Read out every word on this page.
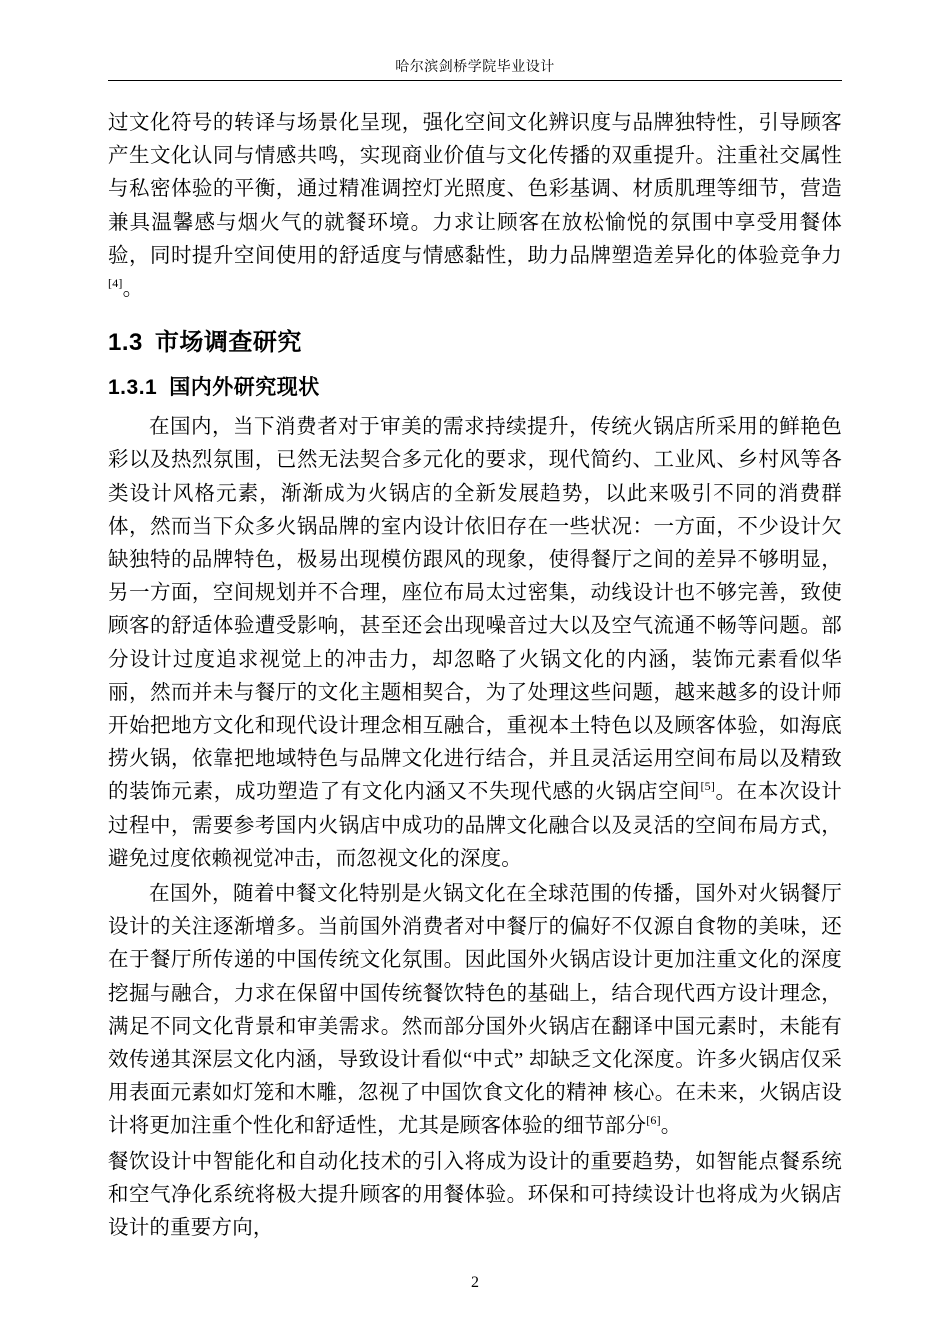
哈尔滨剑桥学院毕业设计

过文化符号的转译与场景化呈现，强化空间文化辨识度与品牌独特性，引导顾客产生文化认同与情感共鸣，实现商业价值与文化传播的双重提升。注重社交属性与私密体验的平衡，通过精准调控灯光照度、色彩基调、材质肌理等细节，营造兼具温馨感与烟火气的就餐环境。力求让顾客在放松愉悦的氛围中享受用餐体验，同时提升空间使用的舒适度与情感黏性，助力品牌塑造差异化的体验竞争力[4]。

1.3 市场调查研究
1.3.1 国内外研究现状

在国内，当下消费者对于审美的需求持续提升，传统火锅店所采用的鲜艳色彩以及热烈氛围，已然无法契合多元化的要求，现代简约、工业风、乡村风等各类设计风格元素，渐渐成为火锅店的全新发展趋势，以此来吸引不同的消费群体，然而当下众多火锅品牌的室内设计依旧存在一些状况：一方面，不少设计欠缺独特的品牌特色，极易出现模仿跟风的现象，使得餐厅之间的差异不够明显，另一方面，空间规划并不合理，座位布局太过密集，动线设计也不够完善，致使顾客的舒适体验遭受影响，甚至还会出现噪音过大以及空气流通不畅等问题。部分设计过度追求视觉上的冲击力，却忽略了火锅文化的内涵，装饰元素看似华丽，然而并未与餐厅的文化主题相契合，为了处理这些问题，越来越多的设计师开始把地方文化和现代设计理念相互融合，重视本土特色以及顾客体验，如海底捞火锅，依靠把地域特色与品牌文化进行结合，并且灵活运用空间布局以及精致的装饰元素，成功塑造了有文化内涵又不失现代感的火锅店空间[5]。在本次设计过程中，需要参考国内火锅店中成功的品牌文化融合以及灵活的空间布局方式，避免过度依赖视觉冲击，而忽视文化的深度。

在国外，随着中餐文化特别是火锅文化在全球范围的传播，国外对火锅餐厅设计的关注逐渐增多。当前国外消费者对中餐厅的偏好不仅源自食物的美味，还在于餐厅所传递的中国传统文化氛围。因此国外火锅店设计更加注重文化的深度挖掘与融合，力求在保留中国传统餐饮特色的基础上，结合现代西方设计理念，满足不同文化背景和审美需求。然而部分国外火锅店在翻译中国元素时，未能有效传递其深层文化内涵，导致设计看似“中式” 却缺乏文化深度。许多火锅店仅采用表面元素如灯笼和木雕，忽视了中国饮食文化的精神 核心。在未来，火锅店设计将更加注重个性化和舒适性，尤其是顾客体验的细节部分[6]。

餐饮设计中智能化和自动化技术的引入将成为设计的重要趋势，如智能点餐系统和空气净化系统将极大提升顾客的用餐体验。环保和可持续设计也将成为火锅店设计的重要方向，

2
